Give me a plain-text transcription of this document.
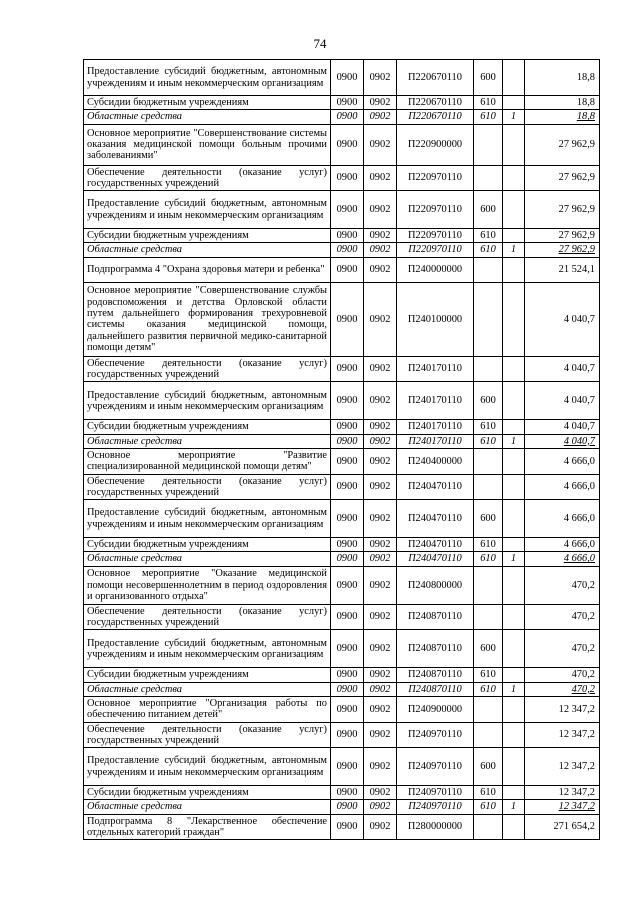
74
Предоставление субсидий бюджетным, автономным учреждениям и иным некоммерческим организациям	0900	0902	П220670110	600		18,8
Субсидии бюджетным учреждениям	0900	0902	П220670110	610		18,8
Областные средства	0900	0902	П220670110	610	1	18,8
Основное мероприятие "Совершенствование системы оказания медицинской помощи больным прочими заболеваниями"	0900	0902	П220900000			27 962,9
Обеспечение деятельности (оказание услуг) государственных учреждений	0900	0902	П220970110			27 962,9
Предоставление субсидий бюджетным, автономным учреждениям и иным некоммерческим организациям	0900	0902	П220970110	600		27 962,9
Субсидии бюджетным учреждениям	0900	0902	П220970110	610		27 962,9
Областные средства	0900	0902	П220970110	610	1	27 962,9
Подпрограмма 4 "Охрана здоровья матери и ребенка"	0900	0902	П240000000			21 524,1
Основное мероприятие "Совершенствование службы родовспоможения и детства Орловской области путем дальнейшего формирования трехуровневой системы оказания медицинской помощи, дальнейшего развития первичной медико-санитарной помощи детям"	0900	0902	П240100000			4 040,7
Обеспечение деятельности (оказание услуг) государственных учреждений	0900	0902	П240170110			4 040,7
Предоставление субсидий бюджетным, автономным учреждениям и иным некоммерческим организациям	0900	0902	П240170110	600		4 040,7
Субсидии бюджетным учреждениям	0900	0902	П240170110	610		4 040,7
Областные средства	0900	0902	П240170110	610	1	4 040,7
Основное мероприятие "Развитие специализированной медицинской помощи детям"	0900	0902	П240400000			4 666,0
Обеспечение деятельности (оказание услуг) государственных учреждений	0900	0902	П240470110			4 666,0
Предоставление субсидий бюджетным, автономным учреждениям и иным некоммерческим организациям	0900	0902	П240470110	600		4 666,0
Субсидии бюджетным учреждениям	0900	0902	П240470110	610		4 666,0
Областные средства	0900	0902	П240470110	610	1	4 666,0
Основное мероприятие "Оказание медицинской помощи несовершеннолетним в период оздоровления и организованного отдыха"	0900	0902	П240800000			470,2
Обеспечение деятельности (оказание услуг) государственных учреждений	0900	0902	П240870110			470,2
Предоставление субсидий бюджетным, автономным учреждениям и иным некоммерческим организациям	0900	0902	П240870110	600		470,2
Субсидии бюджетным учреждениям	0900	0902	П240870110	610		470,2
Областные средства	0900	0902	П240870110	610	1	470,2
Основное мероприятие "Организация работы по обеспечению питанием детей"	0900	0902	П240900000			12 347,2
Обеспечение деятельности (оказание услуг) государственных учреждений	0900	0902	П240970110			12 347,2
Предоставление субсидий бюджетным, автономным учреждениям и иным некоммерческим организациям	0900	0902	П240970110	600		12 347,2
Субсидии бюджетным учреждениям	0900	0902	П240970110	610		12 347,2
Областные средства	0900	0902	П240970110	610	1	12 347,2
Подпрограмма 8 "Лекарственное обеспечение отдельных категорий граждан"	0900	0902	П280000000			271 654,2
